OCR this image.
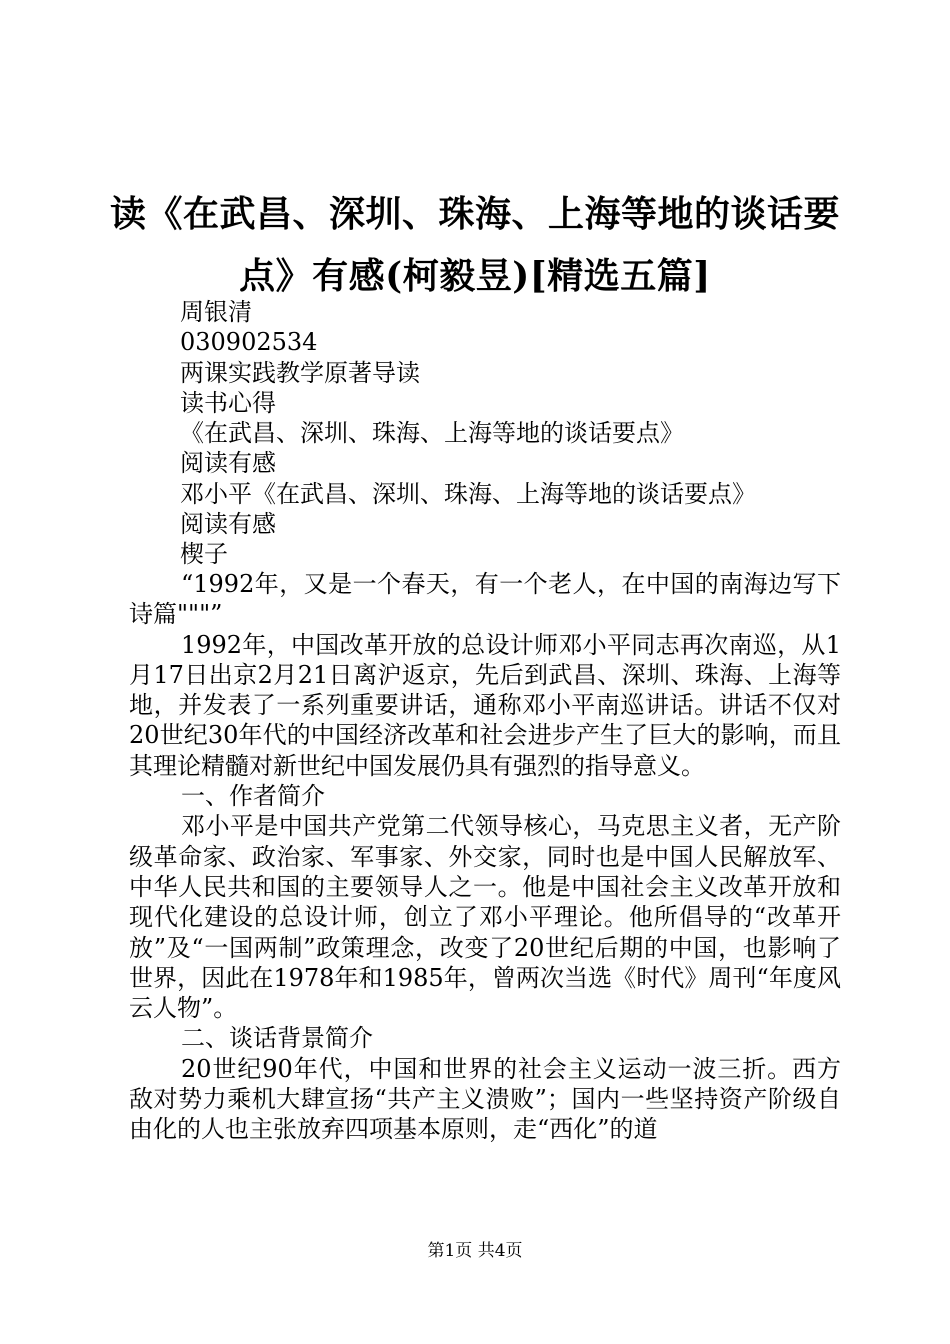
读《在武昌、深圳、珠海、上海等地的谈话要点》有感(柯毅昱)[精选五篇]
周银清
030902534
两课实践教学原著导读
读书心得
《在武昌、深圳、珠海、上海等地的谈话要点》
阅读有感
邓小平《在武昌、深圳、珠海、上海等地的谈话要点》
阅读有感
楔子

“1992年，又是一个春天，有一个老人，在中国的南海边写下诗篇"""”

1992年，中国改革开放的总设计师邓小平同志再次南巡，从1月17日出京2月21日离沪返京，先后到武昌、深圳、珠海、上海等地，并发表了一系列重要讲话，通称邓小平南巡讲话。讲话不仅对20世纪30年代的中国经济改革和社会进步产生了巨大的影响，而且其理论精髓对新世纪中国发展仍具有强烈的指导意义。

一、作者简介

邓小平是中国共产党第二代领导核心，马克思主义者，无产阶级革命家、政治家、军事家、外交家，同时也是中国人民解放军、中华人民共和国的主要领导人之一。他是中国社会主义改革开放和现代化建设的总设计师，创立了邓小平理论。他所倡导的“改革开放”及“一国两制”政策理念，改变了20世纪后期的中国，也影响了世界，因此在1978年和1985年，曾两次当选《时代》周刊“年度风云人物”。

二、谈话背景简介

20世纪90年代，中国和世界的社会主义运动一波三折。西方敌对势力乘机大肆宣扬“共产主义溃败”；国内一些坚持资产阶级自由化的人也主张放弃四项基本原则，走“西化”的道

第1页 共4页
